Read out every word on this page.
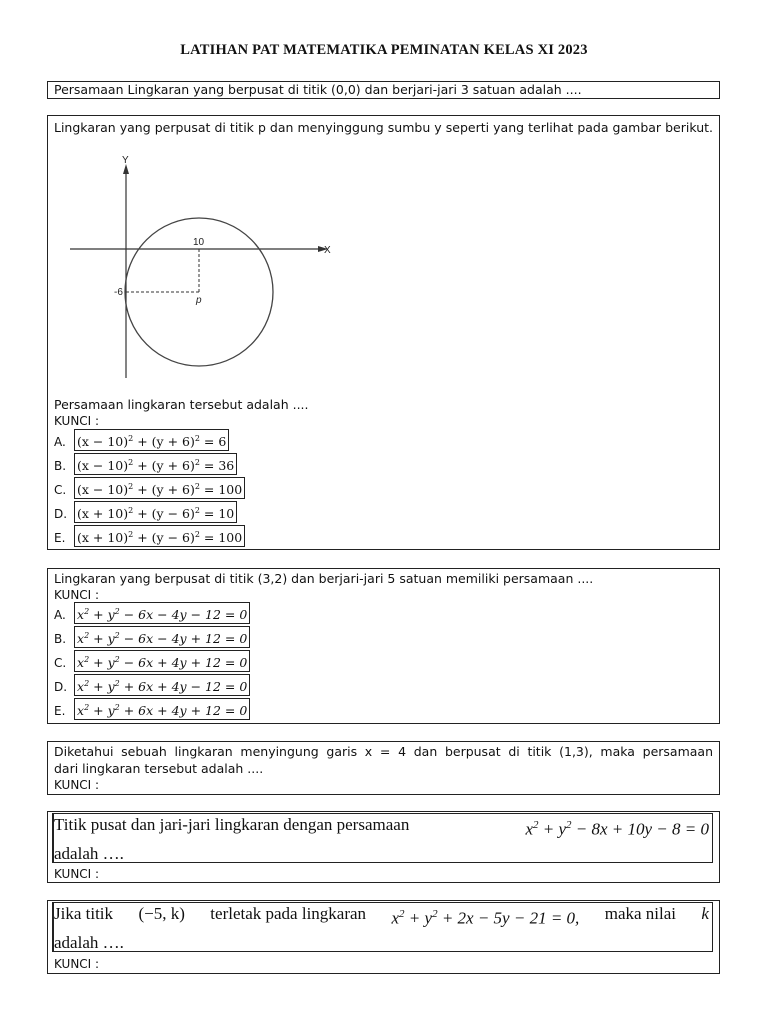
LATIHAN PAT MATEMATIKA PEMINATAN KELAS XI 2023
Persamaan Lingkaran yang berpusat di titik (0,0) dan berjari-jari 3 satuan adalah ....
Lingkaran yang perpusat di titik p dan menyinggung sumbu y seperti yang terlihat pada gambar berikut.
Y
X
10
-6
p
Persamaan lingkaran tersebut adalah ....
KUNCI :
A. $(x - 10)^2 + (y + 6)^2 = 6$
B. $(x - 10)^2 + (y + 6)^2 = 36$
C. $(x - 10)^2 + (y + 6)^2 = 100$
D. $(x + 10)^2 + (y - 6)^2 = 10$
E. $(x + 10)^2 + (y - 6)^2 = 100$
Lingkaran yang berpusat di titik (3,2) dan berjari-jari 5 satuan memiliki persamaan ....
KUNCI :
A. $x^2 + y^2 - 6x - 4y - 12 = 0$
B. $x^2 + y^2 - 6x - 4y + 12 = 0$
C. $x^2 + y^2 - 6x + 4y + 12 = 0$
D. $x^2 + y^2 + 6x + 4y - 12 = 0$
E. $x^2 + y^2 + 6x + 4y + 12 = 0$
Diketahui sebuah lingkaran menyingung garis x = 4 dan berpusat di titik (1,3), maka persamaan
dari lingkaran tersebut adalah ....
KUNCI :
Titik pusat dan jari-jari lingkaran dengan persamaan	$x^2 + y^2 - 8x + 10y - 8 = 0$
adalah ….
KUNCI :
Jika titik (−5, k) terletak pada lingkaran $x^2 + y^2 + 2x - 5y - 21 = 0$, maka nilai k
adalah ….
KUNCI :
